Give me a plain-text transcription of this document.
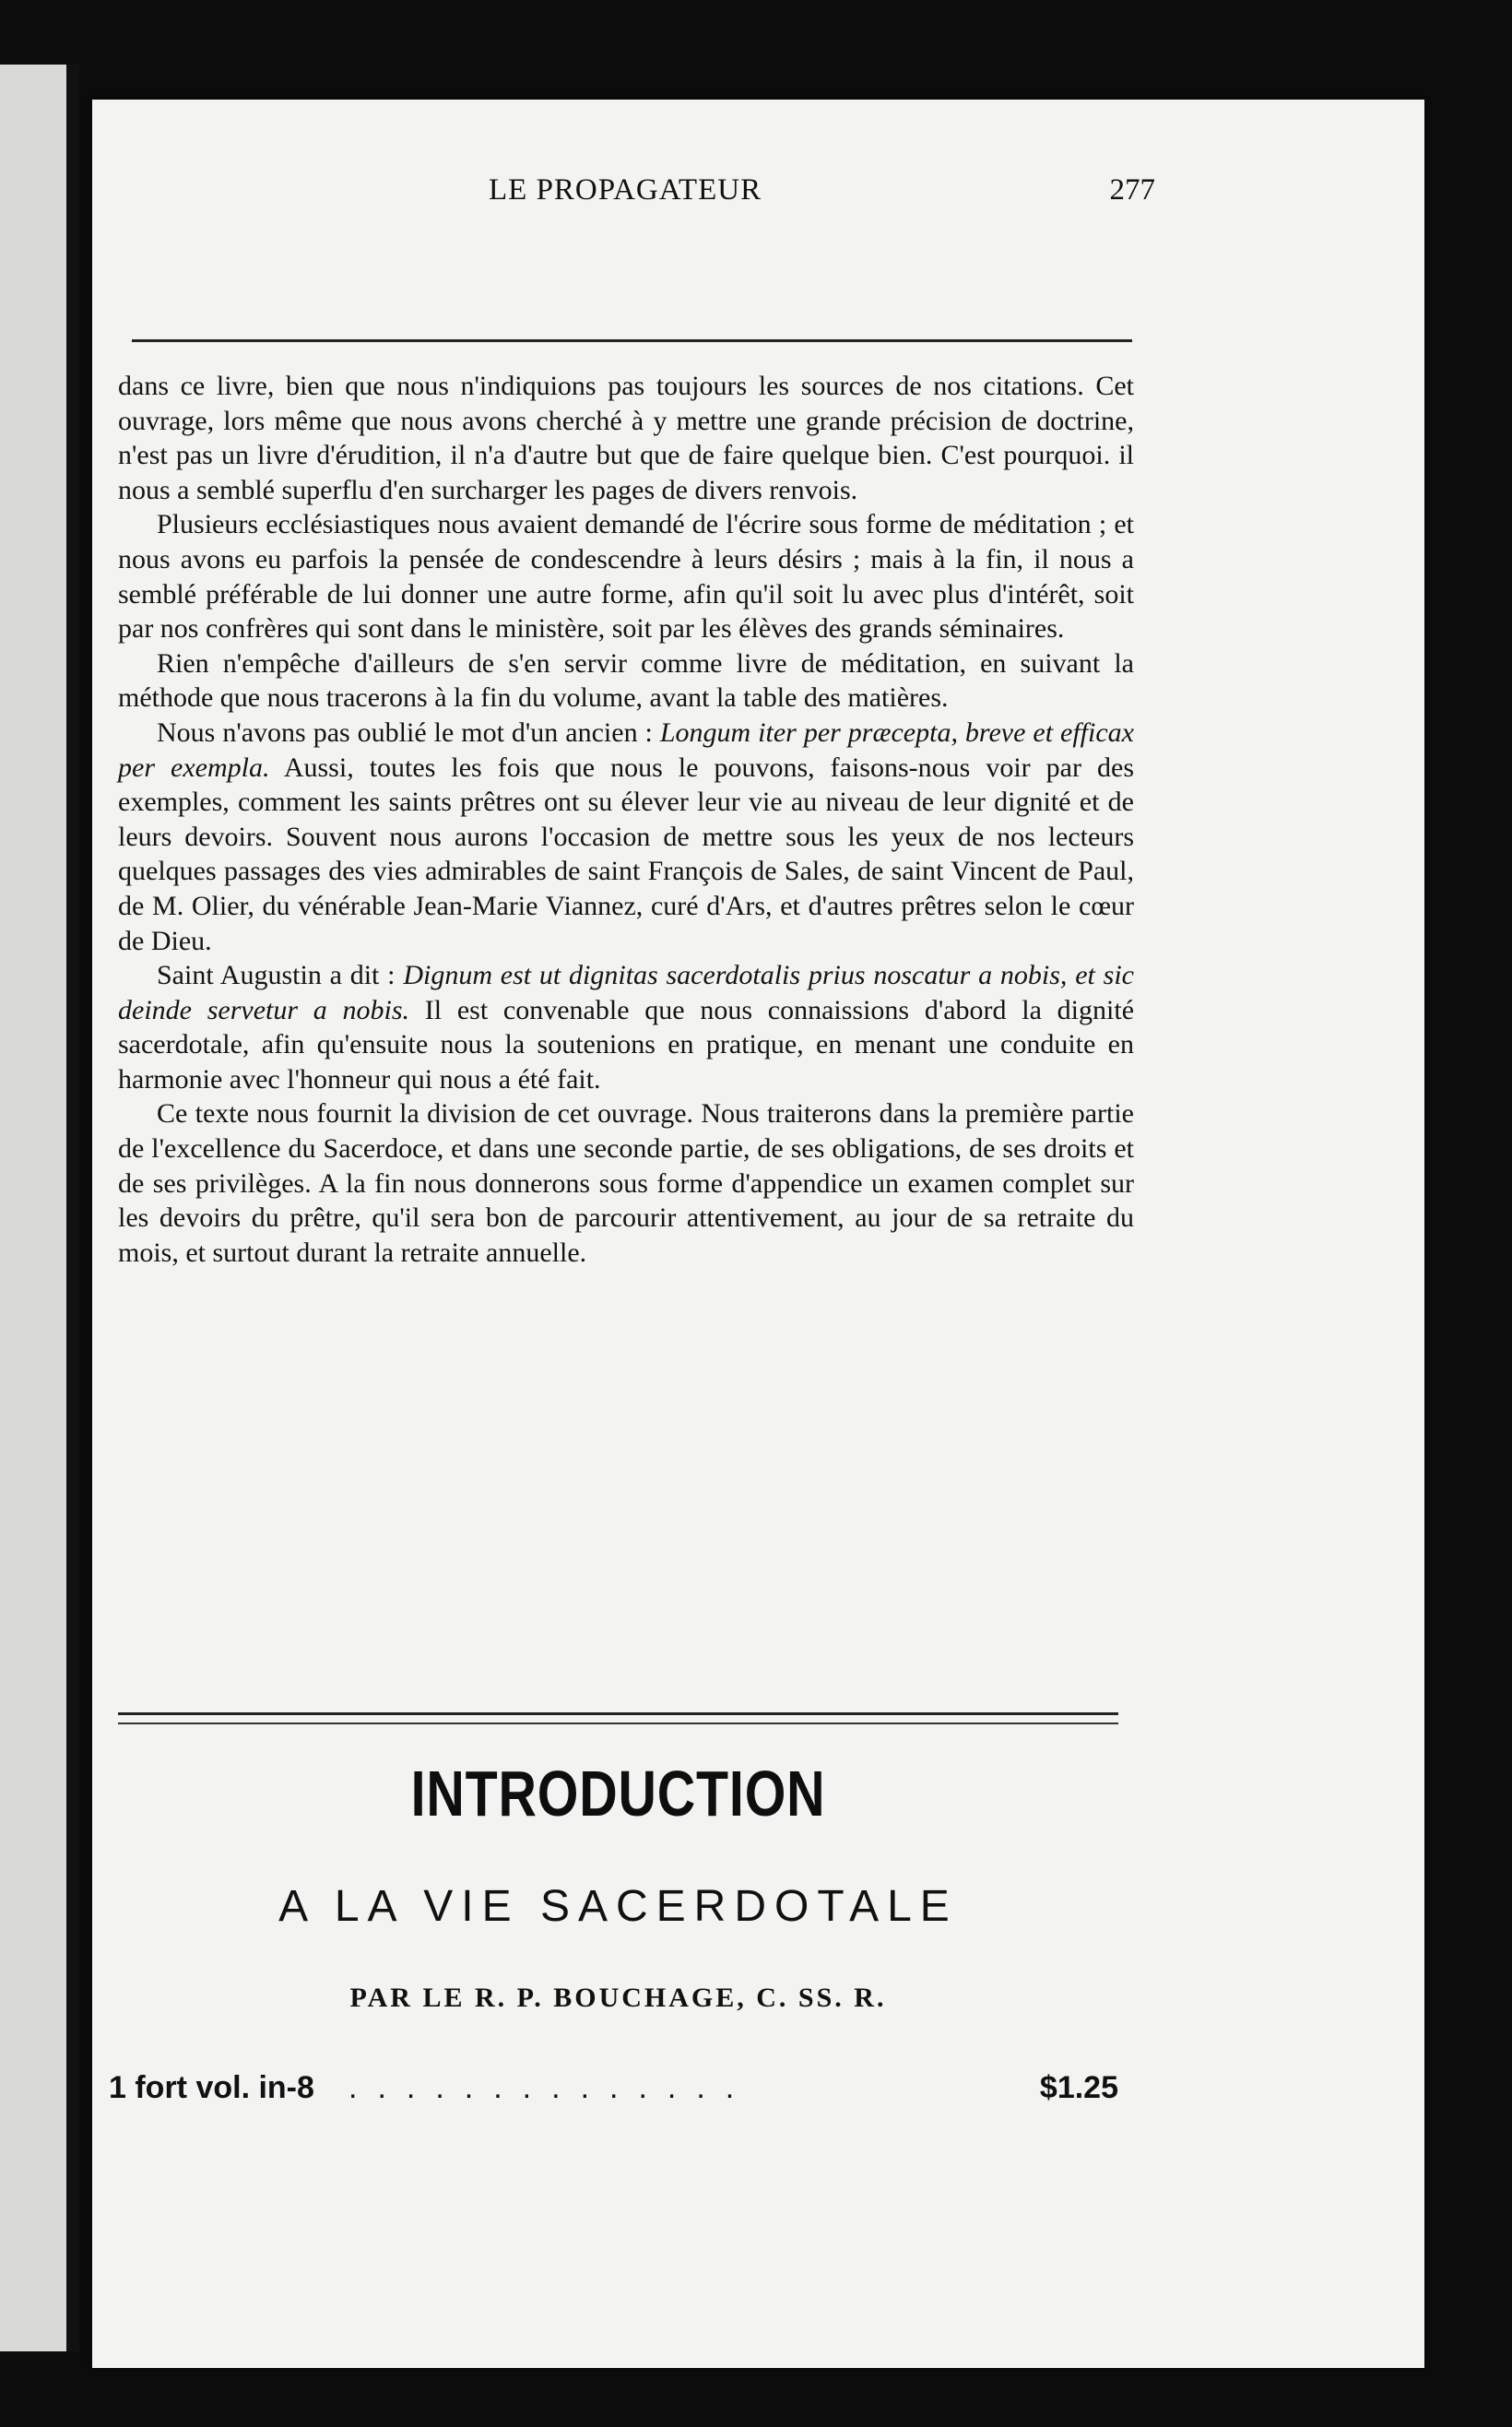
LE PROPAGATEUR	277

dans ce livre, bien que nous n'indiquions pas toujours les sources de nos citations. Cet ouvrage, lors même que nous avons cherché à y mettre une grande précision de doctrine, n'est pas un livre d'érudition, il n'a d'autre but que de faire quelque bien. C'est pourquoi. il nous a semblé superflu d'en surcharger les pages de divers renvois.

Plusieurs ecclésiastiques nous avaient demandé de l'écrire sous forme de méditation ; et nous avons eu parfois la pensée de condescendre à leurs désirs ; mais à la fin, il nous a semblé préférable de lui donner une autre forme, afin qu'il soit lu avec plus d'intérêt, soit par nos confrères qui sont dans le ministère, soit par les élèves des grands séminaires.

Rien n'empêche d'ailleurs de s'en servir comme livre de méditation, en suivant la méthode que nous tracerons à la fin du volume, avant la table des matières.

Nous n'avons pas oublié le mot d'un ancien : Longum iter per præcepta, breve et efficax per exempla. Aussi, toutes les fois que nous le pouvons, faisons-nous voir par des exemples, comment les saints prêtres ont su élever leur vie au niveau de leur dignité et de leurs devoirs. Souvent nous aurons l'occasion de mettre sous les yeux de nos lecteurs quelques passages des vies admirables de saint François de Sales, de saint Vincent de Paul, de M. Olier, du vénérable Jean-Marie Viannez, curé d'Ars, et d'autres prêtres selon le cœur de Dieu.

Saint Augustin a dit : Dignum est ut dignitas sacerdotalis prius noscatur a nobis, et sic deinde servetur a nobis. Il est convenable que nous connaissions d'abord la dignité sacerdotale, afin qu'ensuite nous la soutenions en pratique, en menant une conduite en harmonie avec l'honneur qui nous a été fait.

Ce texte nous fournit la division de cet ouvrage. Nous traiterons dans la première partie de l'excellence du Sacerdoce, et dans une seconde partie, de ses obligations, de ses droits et de ses privilèges. A la fin nous donnerons sous forme d'appendice un examen complet sur les devoirs du prêtre, qu'il sera bon de parcourir attentivement, au jour de sa retraite du mois, et surtout durant la retraite annuelle.

INTRODUCTION
A LA VIE SACERDOTALE
PAR LE R. P. BOUCHAGE, C. SS. R.
1 fort vol. in-8 ..............	$1.25
